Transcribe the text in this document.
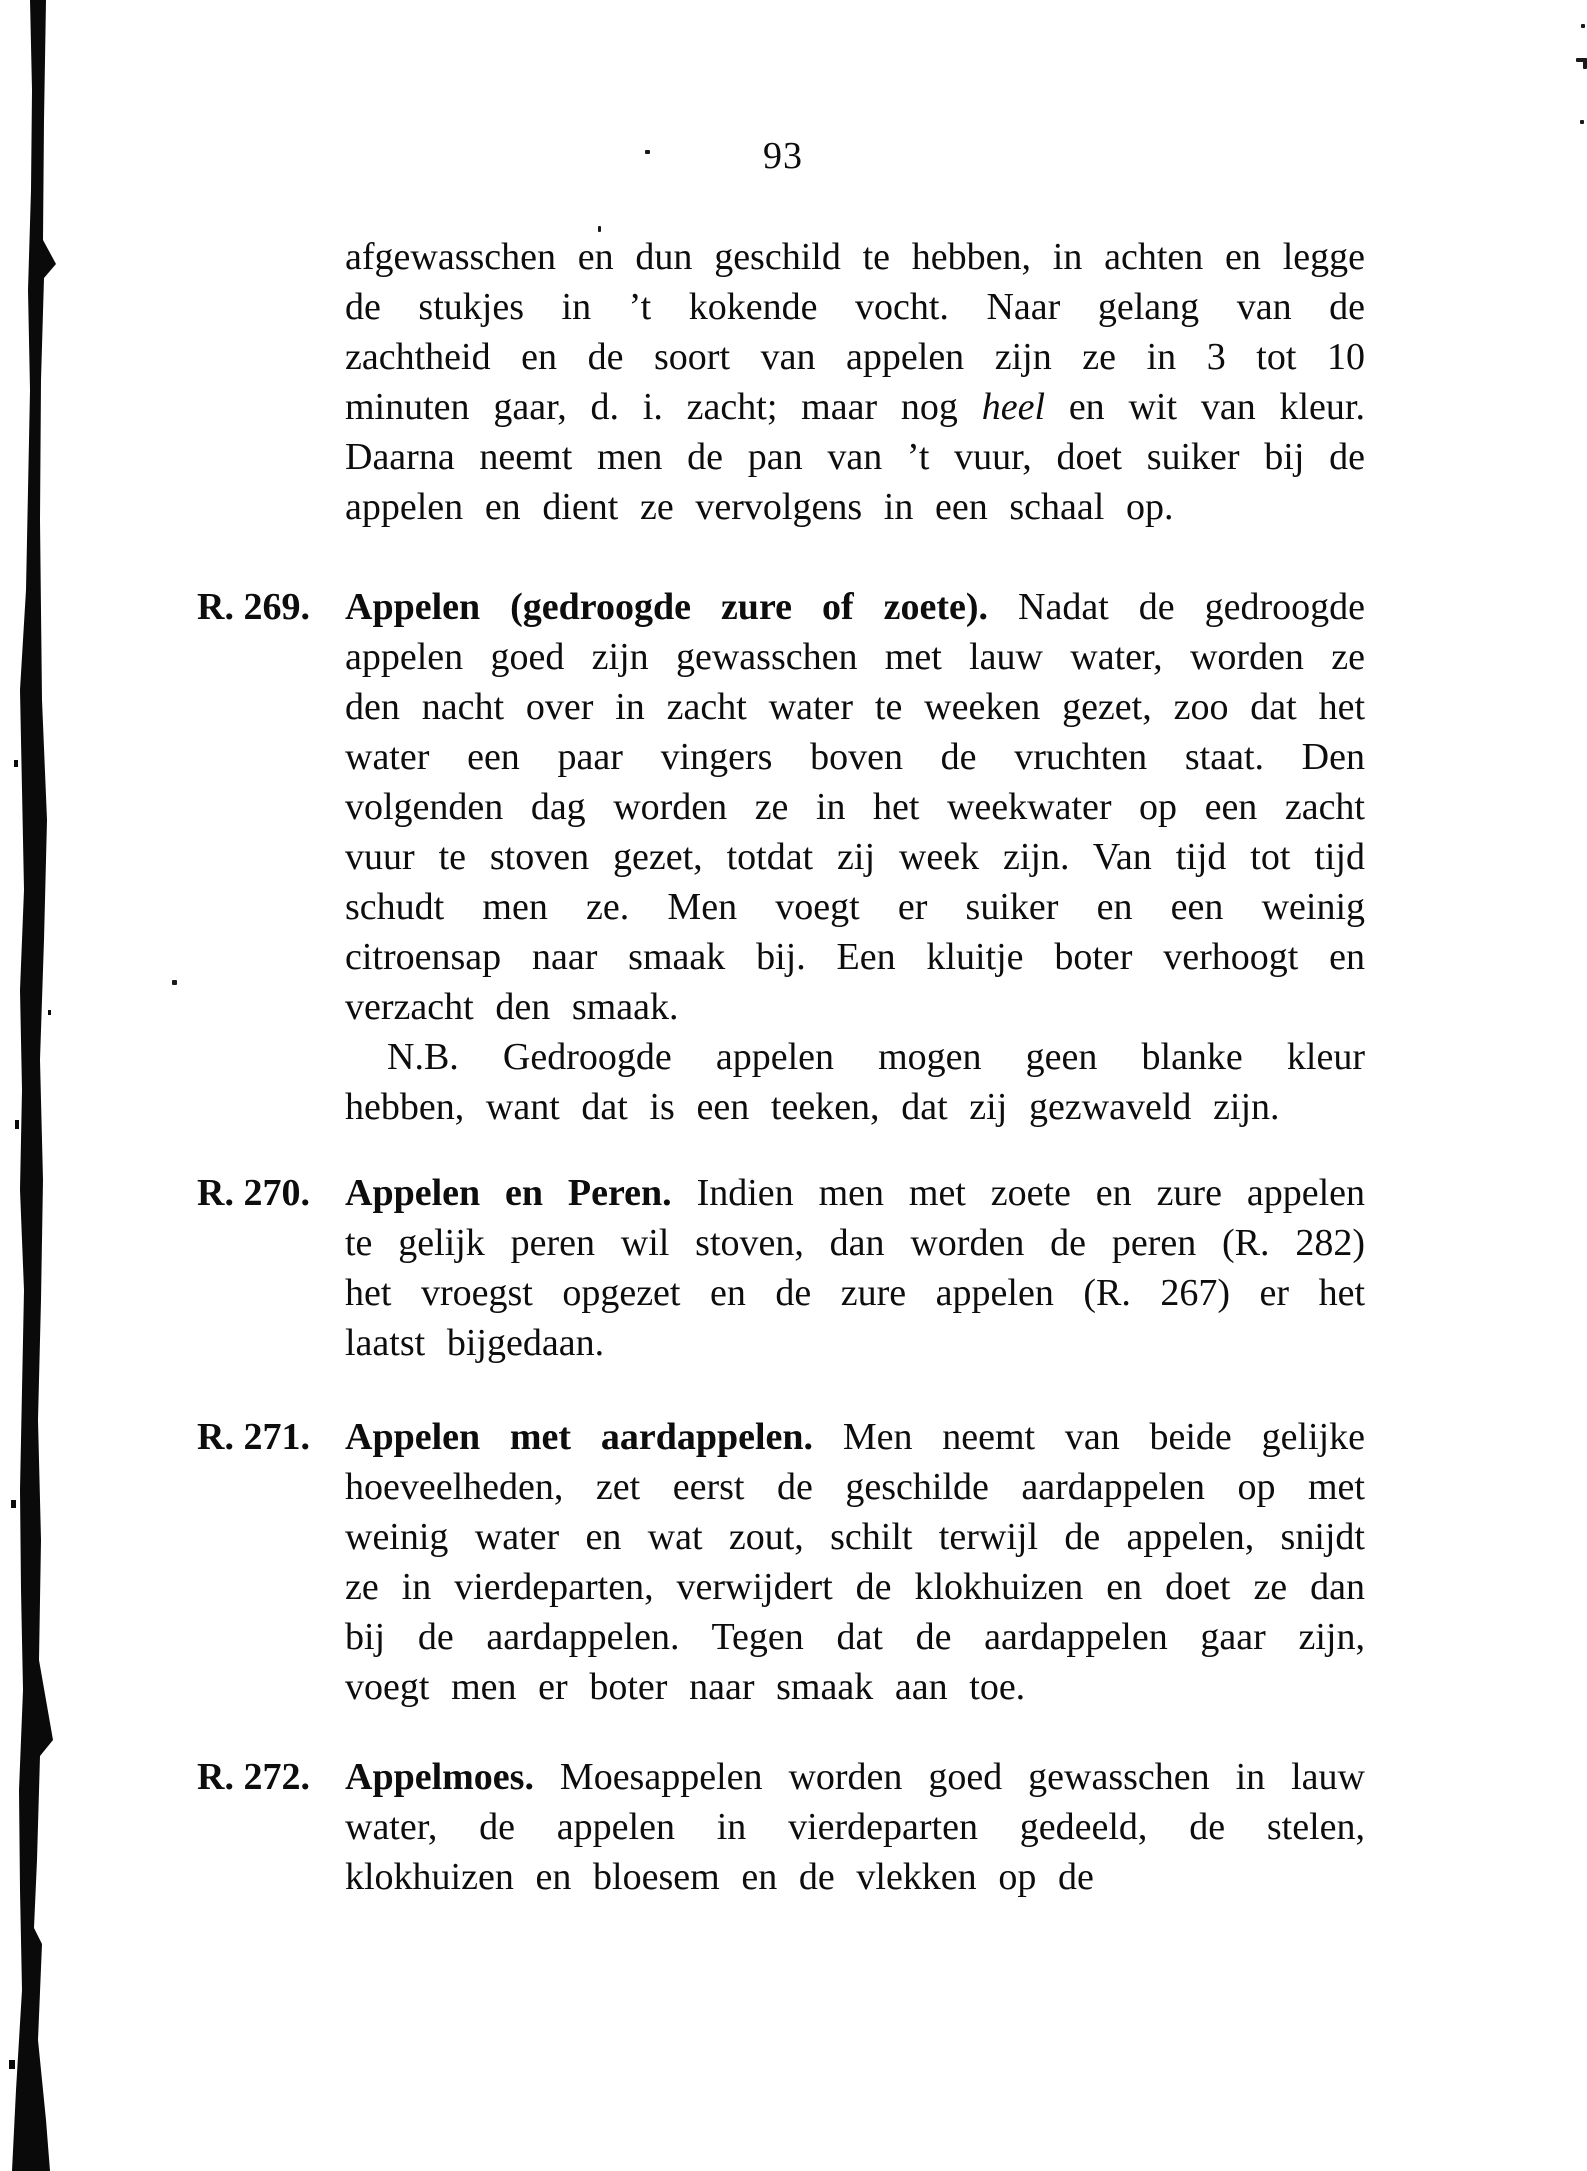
93

afgewasschen en dun geschild te hebben, in achten en legge de stukjes in ’t kokende vocht. Naar gelang van de zachtheid en de soort van appelen zijn ze in 3 tot 10 minuten gaar, d. i. zacht; maar nog heel en wit van kleur. Daarna neemt men de pan van ’t vuur, doet suiker bij de appelen en dient ze vervolgens in een schaal op.

R. 269. Appelen (gedroogde zure of zoete). Nadat de gedroogde appelen goed zijn gewasschen met lauw water, worden ze den nacht over in zacht water te weeken gezet, zoo dat het water een paar vingers boven de vruchten staat. Den volgenden dag worden ze in het weekwater op een zacht vuur te stoven gezet, totdat zij week zijn. Van tijd tot tijd schudt men ze. Men voegt er suiker en een weinig citroensap naar smaak bij. Een kluitje boter verhoogt en verzacht den smaak.

N.B. Gedroogde appelen mogen geen blanke kleur hebben, want dat is een teeken, dat zij gezwaveld zijn.

R. 270. Appelen en Peren. Indien men met zoete en zure appelen te gelijk peren wil stoven, dan worden de peren (R. 282) het vroegst opgezet en de zure appelen (R. 267) er het laatst bijgedaan.

R. 271. Appelen met aardappelen. Men neemt van beide gelijke hoeveelheden, zet eerst de geschilde aardappelen op met weinig water en wat zout, schilt terwijl de appelen, snijdt ze in vierdeparten, verwijdert de klokhuizen en doet ze dan bij de aardappelen. Tegen dat de aardappelen gaar zijn, voegt men er boter naar smaak aan toe.

R. 272. Appelmoes. Moesappelen worden goed gewasschen in lauw water, de appelen in vierdeparten gedeeld, de stelen, klokhuizen en bloesem en de vlekken op de
